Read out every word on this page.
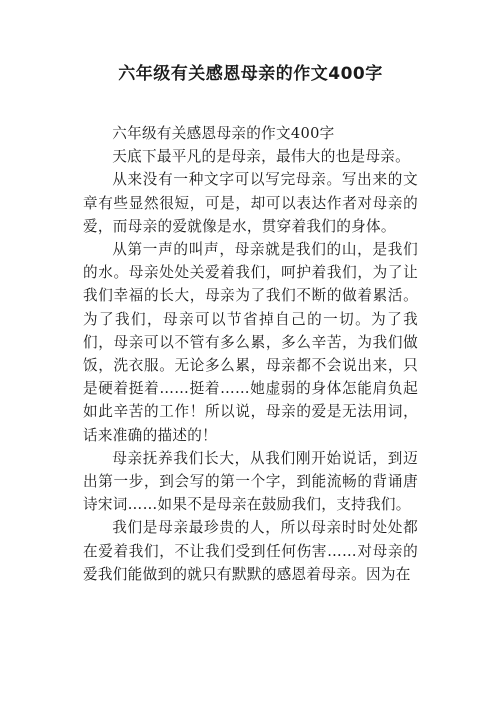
六年级有关感恩母亲的作文400字

六年级有关感恩母亲的作文400字

天底下最平凡的是母亲，最伟大的也是母亲。

从来没有一种文字可以写完母亲。写出来的文章有些显然很短，可是，却可以表达作者对母亲的爱，而母亲的爱就像是水，贯穿着我们的身体。

从第一声的叫声，母亲就是我们的山，是我们的水。母亲处处关爱着我们，呵护着我们，为了让我们幸福的长大，母亲为了我们不断的做着累活。为了我们，母亲可以节省掉自己的一切。为了我们，母亲可以不管有多么累，多么辛苦，为我们做饭，洗衣服。无论多么累，母亲都不会说出来，只是硬着挺着……挺着……她虚弱的身体怎能肩负起如此辛苦的工作！所以说，母亲的爱是无法用词，话来准确的描述的！

母亲抚养我们长大，从我们刚开始说话，到迈出第一步，到会写的第一个字，到能流畅的背诵唐诗宋词……如果不是母亲在鼓励我们，支持我们。

我们是母亲最珍贵的人，所以母亲时时处处都在爱着我们，不让我们受到任何伤害……对母亲的爱我们能做到的就只有默默的感恩着母亲。因为在
